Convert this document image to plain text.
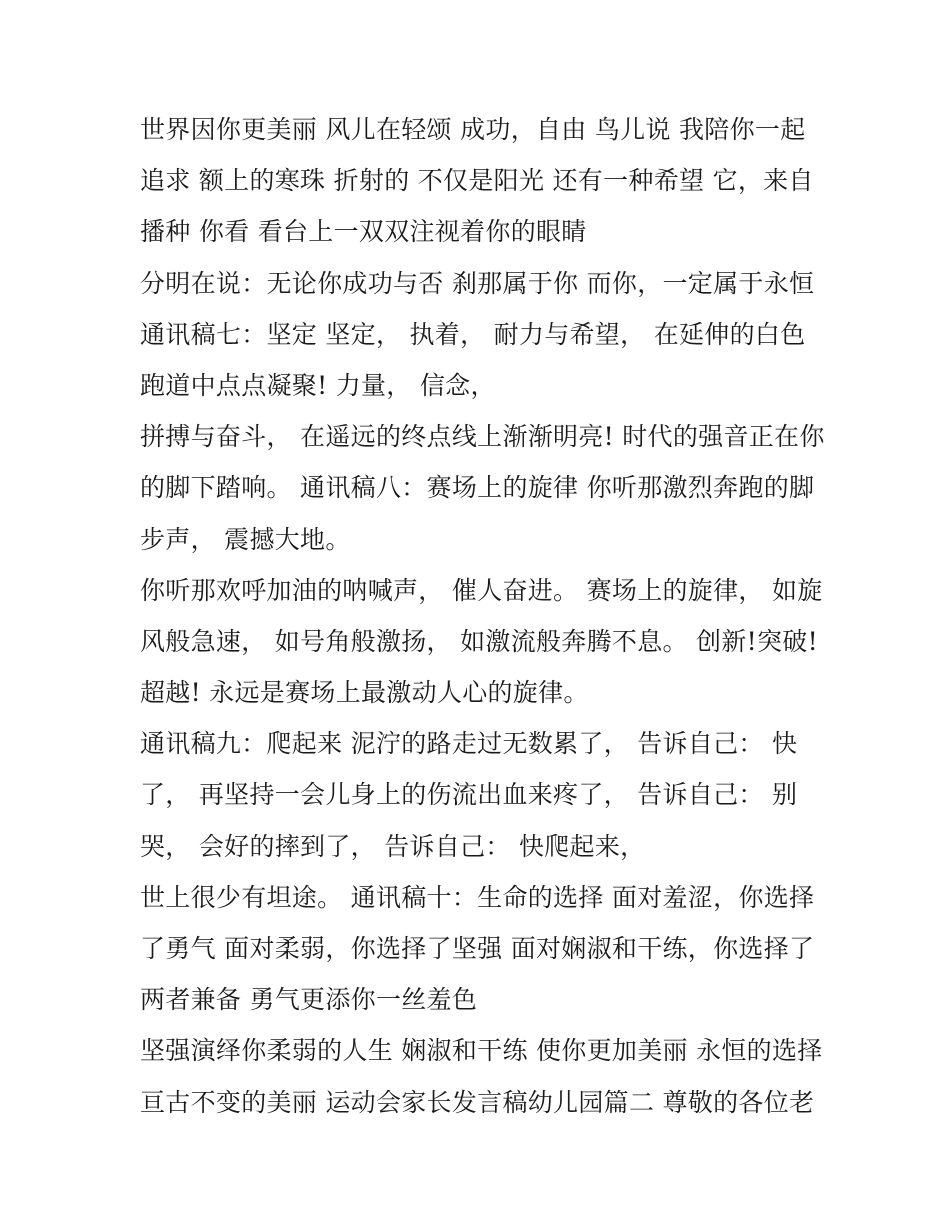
世界因你更美丽 风儿在轻颂 成功，自由 鸟儿说 我陪你一起
追求 额上的寒珠 折射的 不仅是阳光 还有一种希望 它，来自
播种 你看 看台上一双双注视着你的眼睛
分明在说：无论你成功与否 刹那属于你 而你，一定属于永恒
通讯稿七：坚定 坚定， 执着， 耐力与希望， 在延伸的白色
跑道中点点凝聚! 力量， 信念，
拼搏与奋斗， 在遥远的终点线上渐渐明亮! 时代的强音正在你
的脚下踏响。 通讯稿八：赛场上的旋律 你听那激烈奔跑的脚
步声， 震撼大地。
你听那欢呼加油的呐喊声， 催人奋进。 赛场上的旋律， 如旋
风般急速， 如号角般激扬， 如激流般奔腾不息。 创新!突破!
超越! 永远是赛场上最激动人心的旋律。
通讯稿九：爬起来 泥泞的路走过无数累了， 告诉自己： 快
了， 再坚持一会儿身上的伤流出血来疼了， 告诉自己： 别
哭， 会好的摔到了， 告诉自己： 快爬起来，
世上很少有坦途。 通讯稿十：生命的选择 面对羞涩，你选择
了勇气 面对柔弱，你选择了坚强 面对娴淑和干练，你选择了
两者兼备 勇气更添你一丝羞色
坚强演绎你柔弱的人生 娴淑和干练 使你更加美丽 永恒的选择
亘古不变的美丽 运动会家长发言稿幼儿园篇二 尊敬的各位老
